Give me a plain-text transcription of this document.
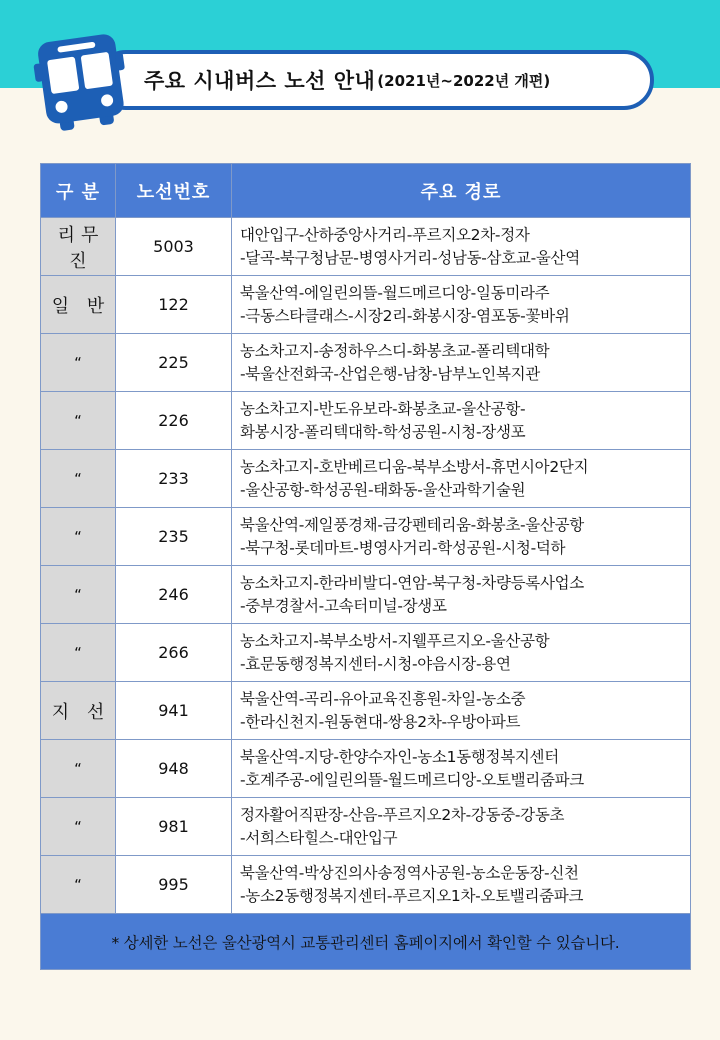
주요 시내버스 노선 안내 (2021년~2022년 개편)
구 분	노선번호	주요 경로
리무진	5003	대안입구-산하중앙사거리-푸르지오2차-정자
-달곡-북구청남문-병영사거리-성남동-삼호교-울산역

일 반	122	북울산역-에일린의뜰-월드메르디앙-일동미라주
-극동스타클래스-시장2리-화봉시장-염포동-꽃바위

“	225	농소차고지-송정하우스디-화봉초교-폴리텍대학
-북울산전화국-산업은행-남창-남부노인복지관

“	226	농소차고지-반도유보라-화봉초교-울산공항-
화봉시장-폴리텍대학-학성공원-시청-장생포

“	233	농소차고지-호반베르디움-북부소방서-휴먼시아2단지
-울산공항-학성공원-태화동-울산과학기술원

“	235	북울산역-제일풍경채-금강펜테리움-화봉초-울산공항
-북구청-롯데마트-병영사거리-학성공원-시청-덕하

“	246	농소차고지-한라비발디-연암-북구청-차량등록사업소
-중부경찰서-고속터미널-장생포

“	266	농소차고지-북부소방서-지웰푸르지오-울산공항
-효문동행정복지센터-시청-야음시장-용연

지 선	941	북울산역-곡리-유아교육진흥원-차일-농소중
-한라신천지-원동현대-쌍용2차-우방아파트

“	948	북울산역-지당-한양수자인-농소1동행정복지센터
-호계주공-에일린의뜰-월드메르디앙-오토밸리줌파크

“	981	정자활어직판장-산음-푸르지오2차-강동중-강동초
-서희스타힐스-대안입구

“	995	북울산역-박상진의사송정역사공원-농소운동장-신천
-농소2동행정복지센터-푸르지오1차-오토밸리줌파크

* 상세한 노선은 울산광역시 교통관리센터 홈페이지에서 확인할 수 있습니다.		
